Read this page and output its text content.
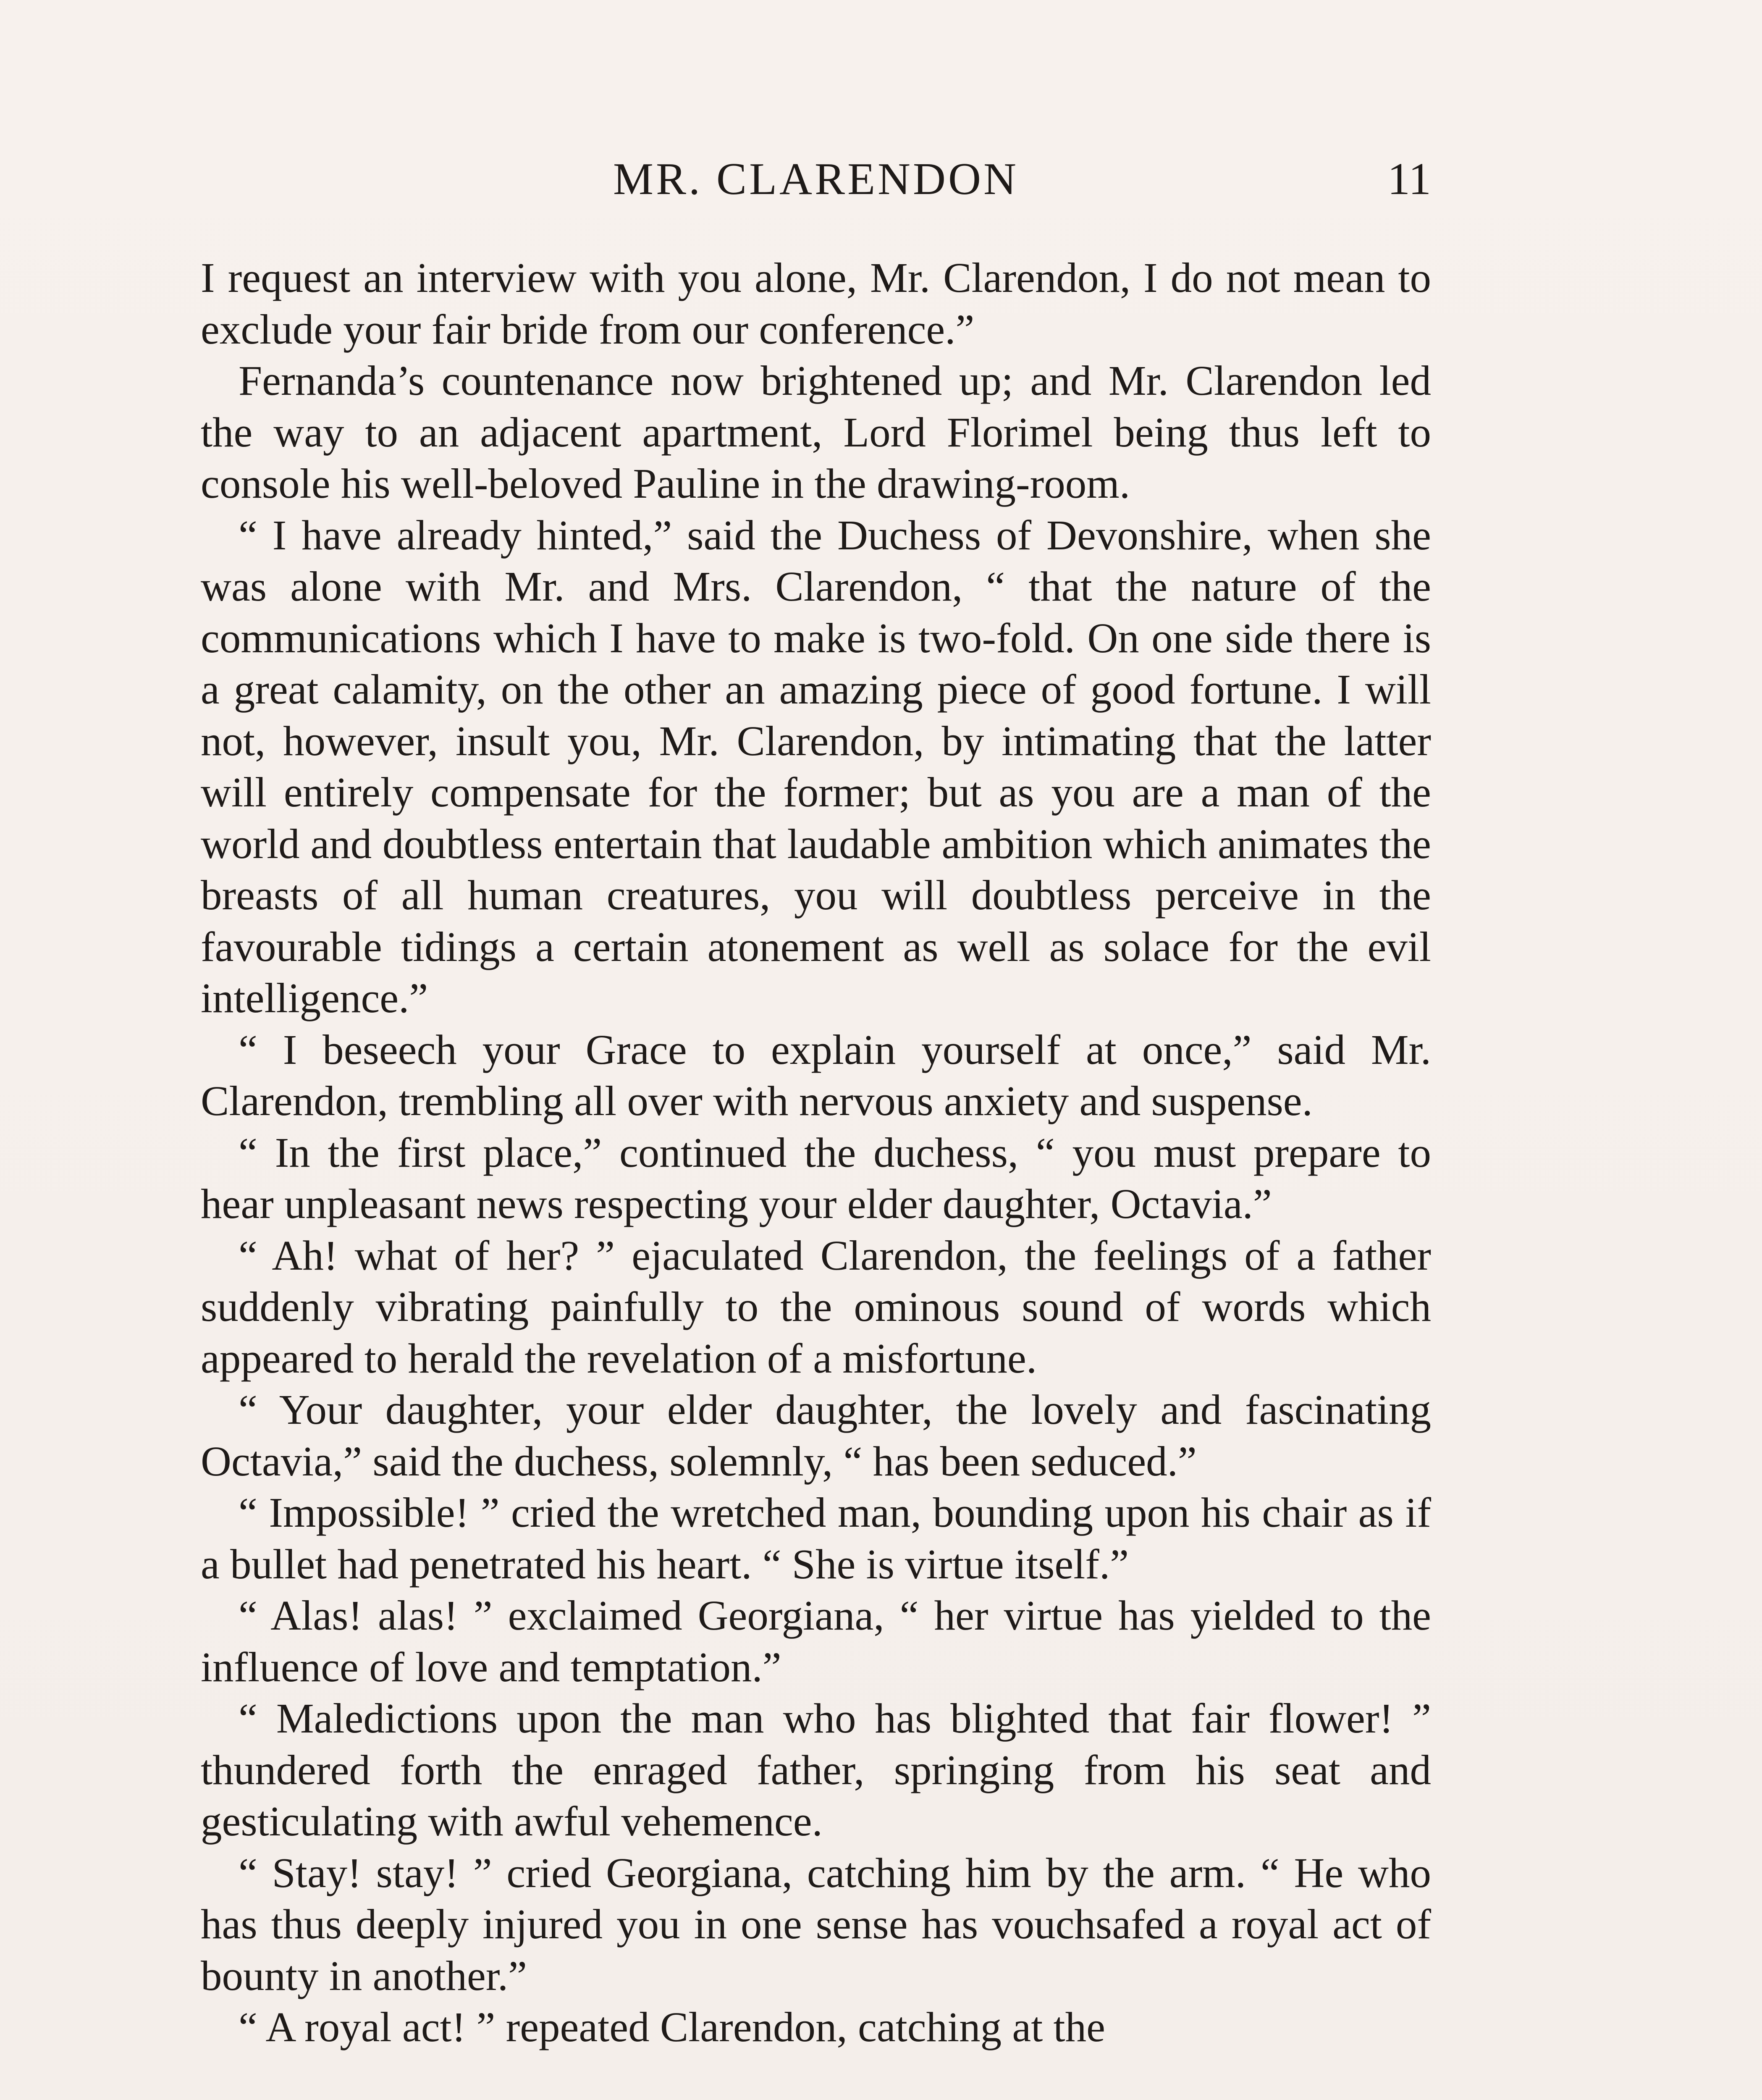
MR. CLARENDON	11

I request an interview with you alone, Mr. Clarendon, I do not mean to exclude your fair bride from our conference.”

Fernanda’s countenance now brightened up; and Mr. Clarendon led the way to an adjacent apartment, Lord Florimel being thus left to console his well-beloved Pauline in the drawing-room.

“ I have already hinted,” said the Duchess of Devonshire, when she was alone with Mr. and Mrs. Clarendon, “ that the nature of the communications which I have to make is two-fold. On one side there is a great calamity, on the other an amazing piece of good fortune. I will not, however, insult you, Mr. Clarendon, by intimating that the latter will entirely compensate for the former; but as you are a man of the world and doubtless entertain that laudable ambition which animates the breasts of all human creatures, you will doubtless perceive in the favourable tidings a certain atonement as well as solace for the evil intelligence.”

“ I beseech your Grace to explain yourself at once,” said Mr. Clarendon, trembling all over with nervous anxiety and suspense.

“ In the first place,” continued the duchess, “ you must prepare to hear unpleasant news respecting your elder daughter, Octavia.”

“ Ah! what of her? ” ejaculated Clarendon, the feelings of a father suddenly vibrating painfully to the ominous sound of words which appeared to herald the revelation of a misfortune.

“ Your daughter, your elder daughter, the lovely and fascinating Octavia,” said the duchess, solemnly, “ has been seduced.”

“ Impossible! ” cried the wretched man, bounding upon his chair as if a bullet had penetrated his heart. “ She is virtue itself.”

“ Alas! alas! ” exclaimed Georgiana, “ her virtue has yielded to the influence of love and temptation.”

“ Maledictions upon the man who has blighted that fair flower! ” thundered forth the enraged father, springing from his seat and gesticulating with awful vehemence.

“ Stay! stay! ” cried Georgiana, catching him by the arm. “ He who has thus deeply injured you in one sense has vouchsafed a royal act of bounty in another.”

“ A royal act! ” repeated Clarendon, catching at the
